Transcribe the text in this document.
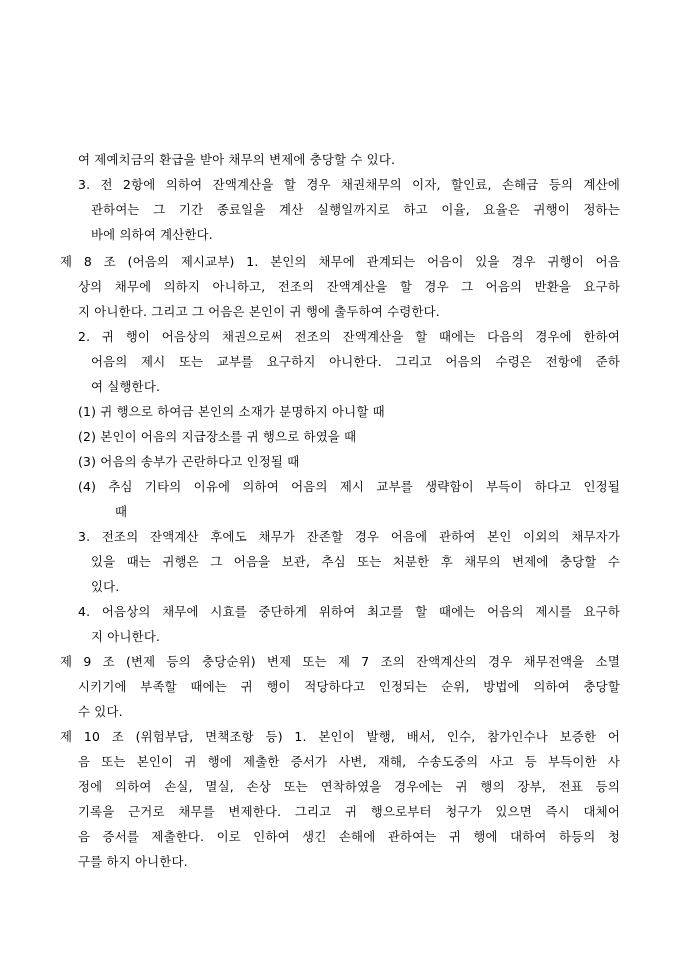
여 제예치금의 환급을 받아 채무의 변제에 충당할 수 있다.
3. 전 2항에 의하여 잔액계산을 할 경우 채권채무의 이자, 할인료, 손해금 등의 계산에
관하여는 그 기간 종료일을 계산 실행일까지로 하고 이율, 요율은 귀행이 정하는
바에 의하여 계산한다.
제 8 조 (어음의 제시교부) 1. 본인의 채무에 관계되는 어음이 있을 경우 귀행이 어음
상의 채무에 의하지 아니하고, 전조의 잔액계산을 할 경우 그 어음의 반환을 요구하
지 아니한다. 그리고 그 어음은 본인이 귀 행에 출두하여 수령한다.
2. 귀 행이 어음상의 채권으로써 전조의 잔액계산을 할 때에는 다음의 경우에 한하여
어음의 제시 또는 교부를 요구하지 아니한다. 그리고 어음의 수령은 전항에 준하
여 실행한다.
(1) 귀 행으로 하여금 본인의 소재가 분명하지 아니할 때
(2) 본인이 어음의 지급장소를 귀 행으로 하였을 때
(3) 어음의 송부가 곤란하다고 인정될 때
(4) 추심 기타의 이유에 의하여 어음의 제시 교부를 생략함이 부득이 하다고 인정될
때
3. 전조의 잔액계산 후에도 채무가 잔존할 경우 어음에 관하여 본인 이외의 채무자가
있을 때는 귀행은 그 어음을 보관, 추심 또는 처분한 후 채무의 변제에 충당할 수
있다.
4. 어음상의 채무에 시효를 중단하게 위하여 최고를 할 때에는 어음의 제시를 요구하
지 아니한다.
제 9 조 (변제 등의 충당순위) 변제 또는 제 7 조의 잔액계산의 경우 채무전액을 소멸
시키기에 부족할 때에는 귀 행이 적당하다고 인정되는 순위, 방법에 의하여 충당할
수 있다.
제 10 조 (위험부담, 면책조항 등) 1. 본인이 발행, 배서, 인수, 참가인수나 보증한 어
음 또는 본인이 귀 행에 제출한 증서가 사변, 재해, 수송도중의 사고 등 부득이한 사
정에 의하여 손실, 멸실, 손상 또는 연착하였을 경우에는 귀 행의 장부, 전표 등의
기록을 근거로 채무를 변제한다. 그리고 귀 행으로부터 청구가 있으면 즉시 대체어
음 증서를 제출한다. 이로 인하여 생긴 손해에 관하여는 귀 행에 대하여 하등의 청
구를 하지 아니한다.
